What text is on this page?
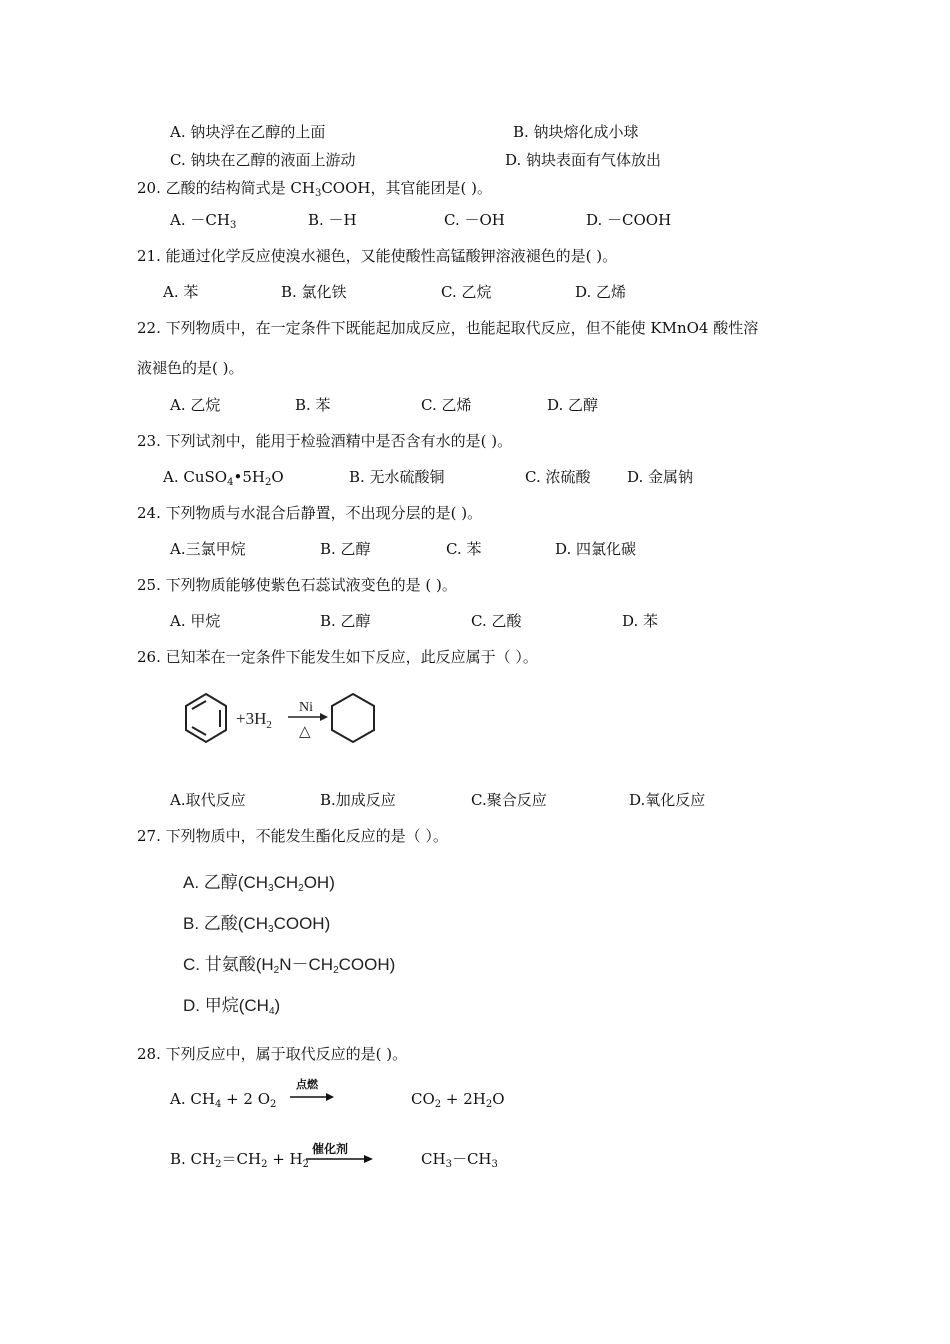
A. 钠块浮在乙醇的上面	B. 钠块熔化成小球
C. 钠块在乙醇的液面上游动	D. 钠块表面有气体放出
20. 乙酸的结构简式是 $CH_3COOH$，其官能团是( )。
A. $-CH_3$	B. －H	C. －OH	D. －COOH
21. 能通过化学反应使溴水褪色，又能使酸性高锰酸钾溶液褪色的是( )。
A. 苯	B. 氯化铁	C. 乙烷	D. 乙烯
22. 下列物质中，在一定条件下既能起加成反应，也能起取代反应，但不能使 KMnO4 酸性溶
液褪色的是( )。
A. 乙烷	B. 苯	C. 乙烯	D. 乙醇
23. 下列试剂中，能用于检验酒精中是否含有水的是( )。
A. $CuSO_4•5H_2O$	B. 无水硫酸铜	C. 浓硫酸 D. 金属钠
24. 下列物质与水混合后静置，不出现分层的是( )。
A.三氯甲烷	B. 乙醇	C. 苯	D. 四氯化碳
25. 下列物质能够使紫色石蕊试液变色的是 ( )。
A. 甲烷	B. 乙醇	C. 乙酸	D. 苯
26. 已知苯在一定条件下能发生如下反应，此反应属于（ ）。
$+3H_2$
Ni
△
A.取代反应	B.加成反应	C.聚合反应	D.氧化反应
27. 下列物质中，不能发生酯化反应的是（ ）。
A. 乙醇$(CH_3CH_2OH)$
B. 乙酸$(CH_3COOH)$
C. 甘氨酸$(H_2N-CH_2COOH)$
D. 甲烷$(CH_4)$
28. 下列反应中，属于取代反应的是( )。
A. $CH_4 + 2$ $O_2$
点燃
$CO_2 + 2H_2O$
B. $CH_2=CH_2 + H_2$
催化剂
$CH_3-CH_3$
